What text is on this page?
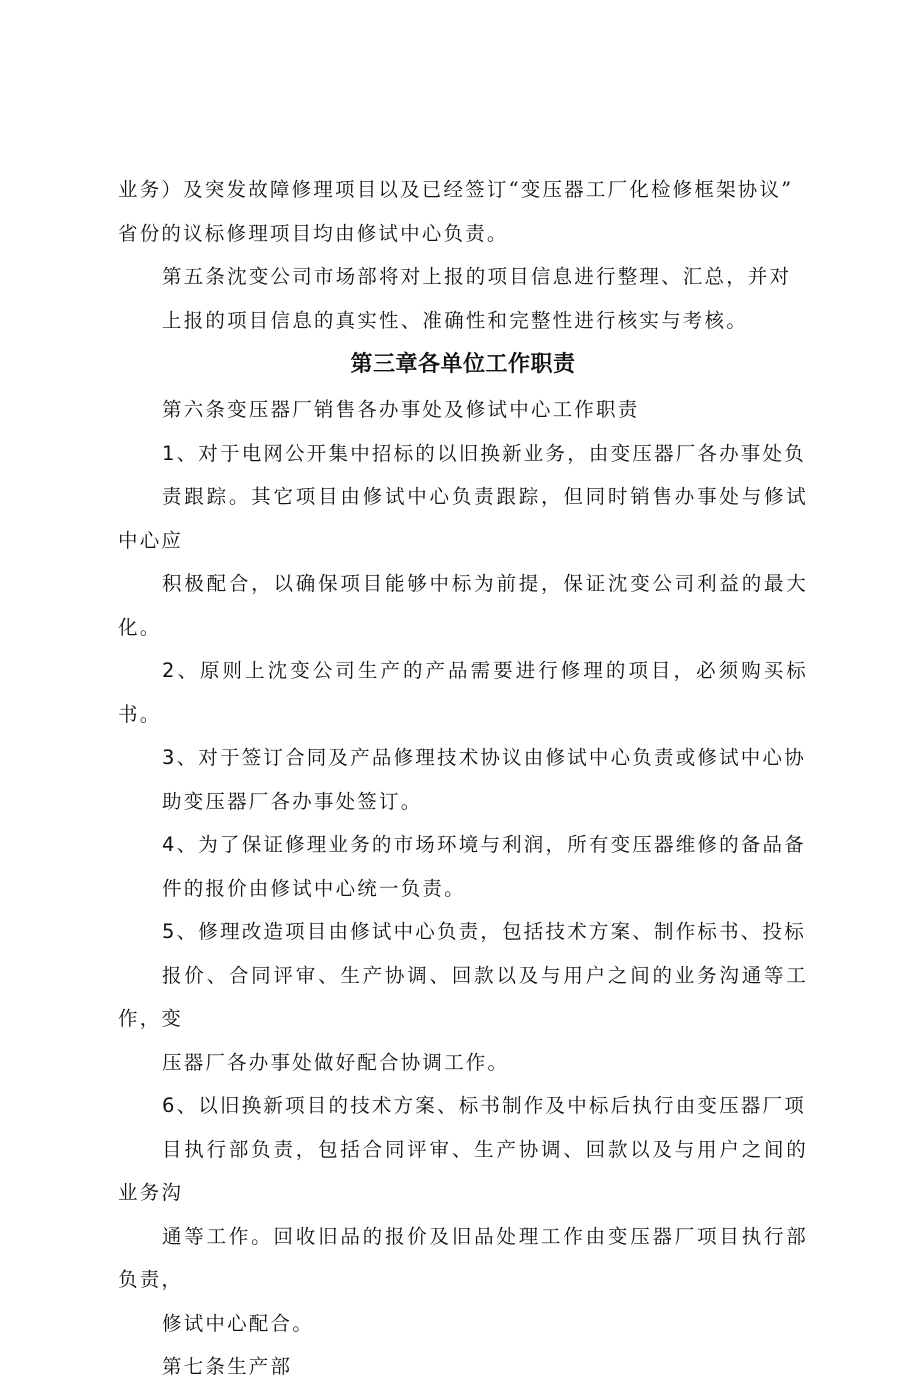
业务）及突发故障修理项目以及已经签订“变压器工厂化检修框架协议”
省份的议标修理项目均由修试中心负责。

第五条沈变公司市场部将对上报的项目信息进行整理、汇总，并对
上报的项目信息的真实性、准确性和完整性进行核实与考核。

第三章各单位工作职责

第六条变压器厂销售各办事处及修试中心工作职责

1、对于电网公开集中招标的以旧换新业务，由变压器厂各办事处负
责跟踪。其它项目由修试中心负责跟踪，但同时销售办事处与修试中心应
积极配合，以确保项目能够中标为前提，保证沈变公司利益的最大化。

2、原则上沈变公司生产的产品需要进行修理的项目，必须购买标书。

3、对于签订合同及产品修理技术协议由修试中心负责或修试中心协
助变压器厂各办事处签订。

4、为了保证修理业务的市场环境与利润，所有变压器维修的备品备
件的报价由修试中心统一负责。

5、修理改造项目由修试中心负责，包括技术方案、制作标书、投标
报价、合同评审、生产协调、回款以及与用户之间的业务沟通等工作，变
压器厂各办事处做好配合协调工作。

6、以旧换新项目的技术方案、标书制作及中标后执行由变压器厂项
目执行部负责，包括合同评审、生产协调、回款以及与用户之间的业务沟
通等工作。回收旧品的报价及旧品处理工作由变压器厂项目执行部负责，
修试中心配合。

第七条生产部
